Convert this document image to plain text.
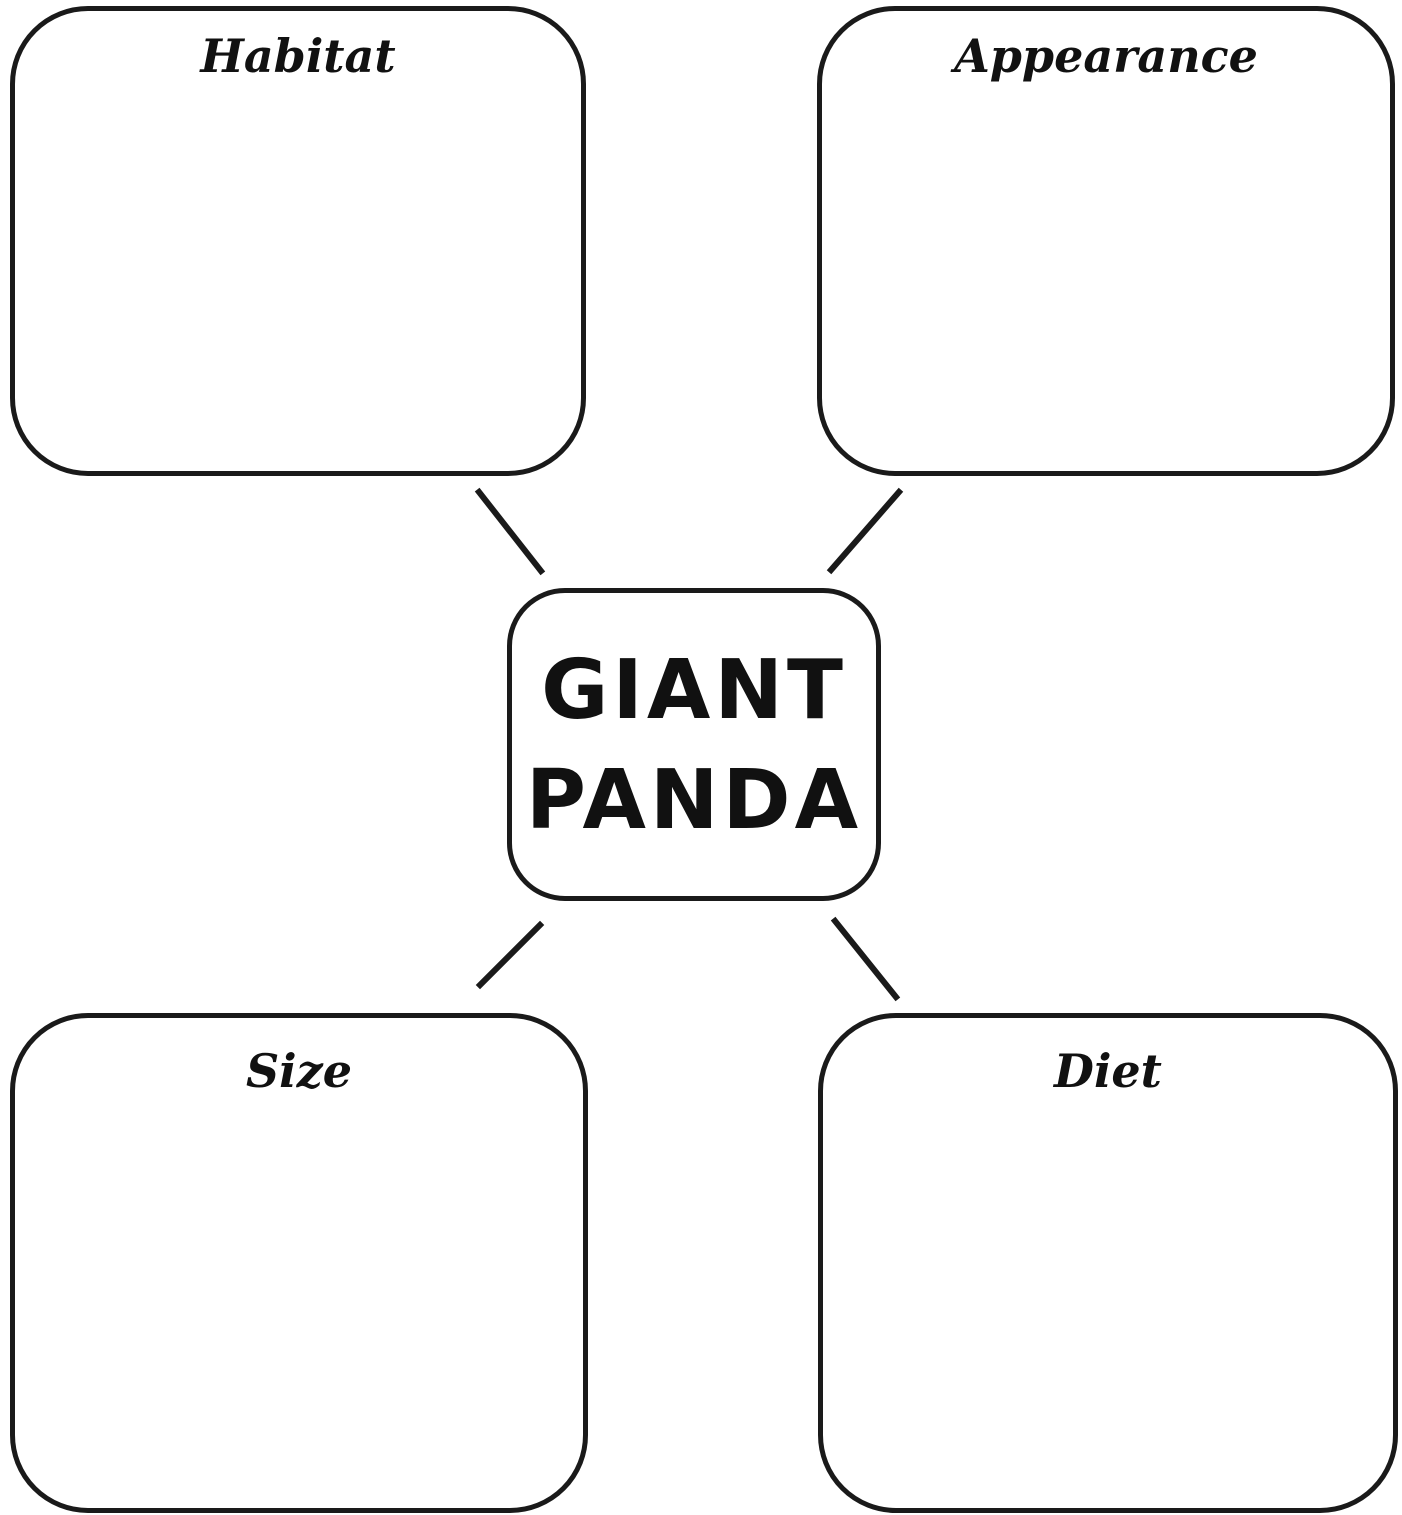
Habitat	Appearance
GIANT
PANDA
Size	Diet
